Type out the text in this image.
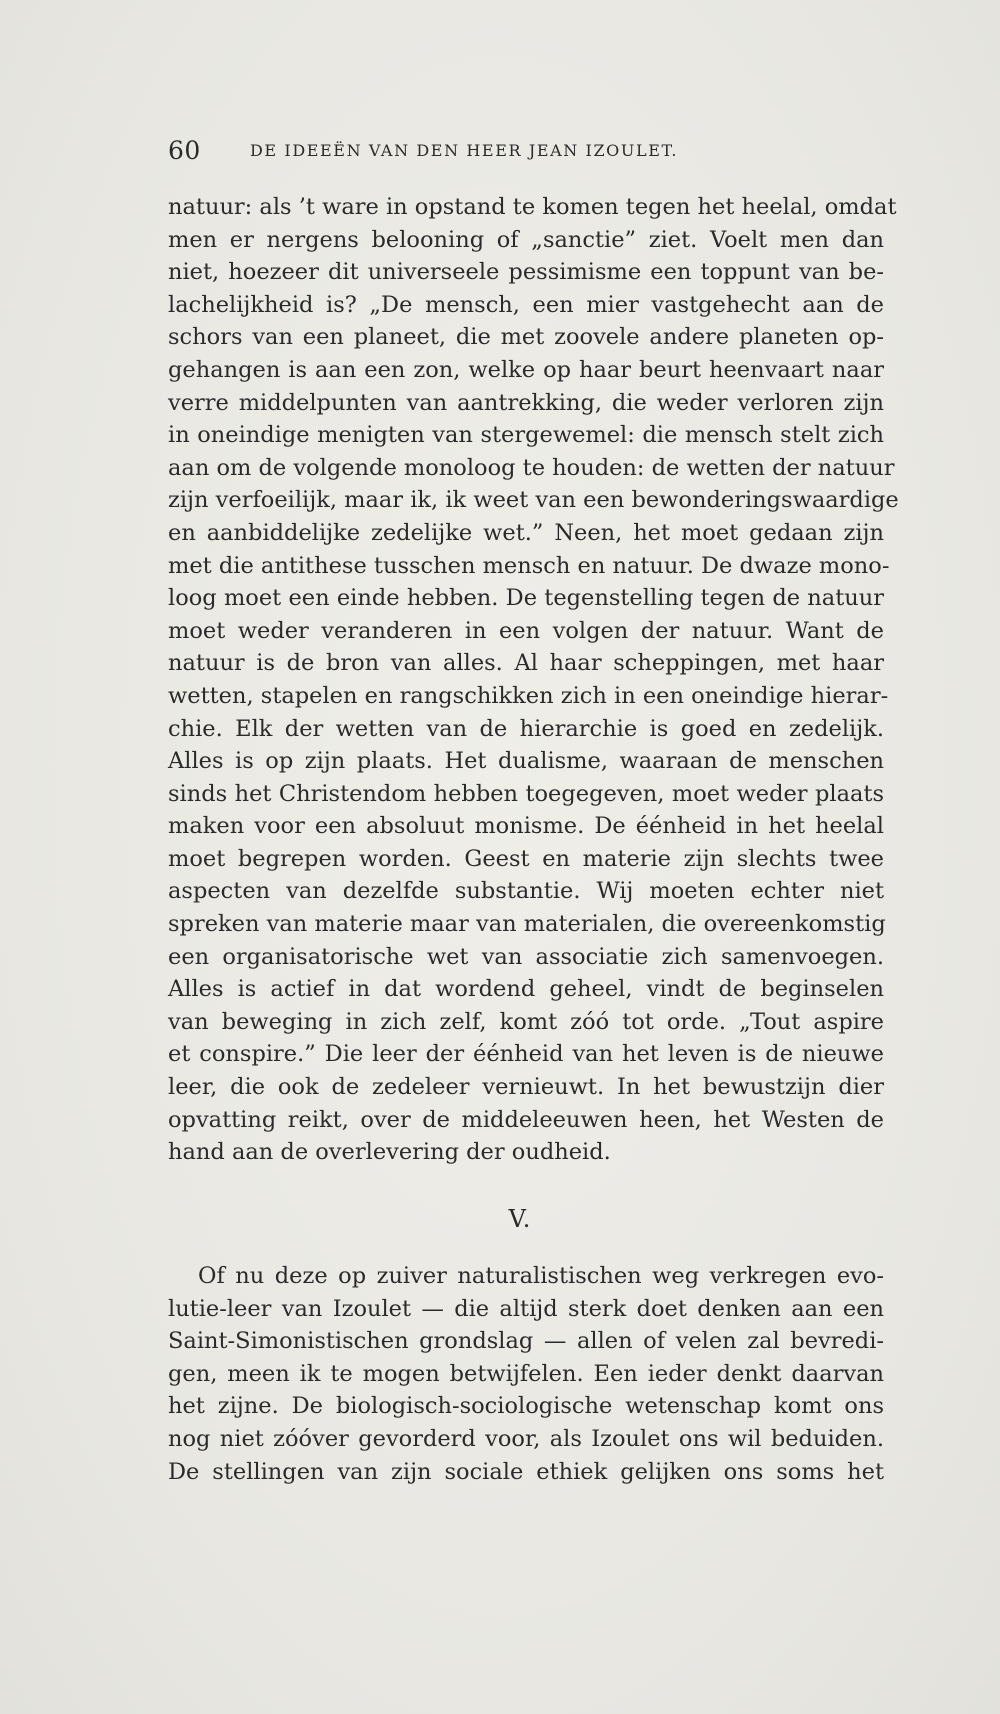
60	DE IDEEËN VAN DEN HEER JEAN IZOULET.
natuur: als ’t ware in opstand te komen tegen het heelal, omdat
men er nergens belooning of „sanctie” ziet. Voelt men dan
niet, hoezeer dit universeele pessimisme een toppunt van be-
lachelijkheid is? „De mensch, een mier vastgehecht aan de
schors van een planeet, die met zoovele andere planeten op-
gehangen is aan een zon, welke op haar beurt heenvaart naar
verre middelpunten van aantrekking, die weder verloren zijn
in oneindige menigten van stergewemel: die mensch stelt zich
aan om de volgende monoloog te houden: de wetten der natuur
zijn verfoeilijk, maar ik, ik weet van een bewonderingswaardige
en aanbiddelijke zedelijke wet.” Neen, het moet gedaan zijn
met die antithese tusschen mensch en natuur. De dwaze mono-
loog moet een einde hebben. De tegenstelling tegen de natuur
moet weder veranderen in een volgen der natuur. Want de
natuur is de bron van alles. Al haar scheppingen, met haar
wetten, stapelen en rangschikken zich in een oneindige hierar-
chie. Elk der wetten van de hierarchie is goed en zedelijk.
Alles is op zijn plaats. Het dualisme, waaraan de menschen
sinds het Christendom hebben toegegeven, moet weder plaats
maken voor een absoluut monisme. De éénheid in het heelal
moet begrepen worden. Geest en materie zijn slechts twee
aspecten van dezelfde substantie. Wij moeten echter niet
spreken van materie maar van materialen, die overeenkomstig
een organisatorische wet van associatie zich samenvoegen.
Alles is actief in dat wordend geheel, vindt de beginselen
van beweging in zich zelf, komt zóó tot orde. „Tout aspire
et conspire.” Die leer der éénheid van het leven is de nieuwe
leer, die ook de zedeleer vernieuwt. In het bewustzijn dier
opvatting reikt, over de middeleeuwen heen, het Westen de
hand aan de overlevering der oudheid.
V.
Of nu deze op zuiver naturalistischen weg verkregen evo-
lutie-leer van Izoulet — die altijd sterk doet denken aan een
Saint-Simonistischen grondslag — allen of velen zal bevredi-
gen, meen ik te mogen betwijfelen. Een ieder denkt daarvan
het zijne. De biologisch-sociologische wetenschap komt ons
nog niet zóóver gevorderd voor, als Izoulet ons wil beduiden.
De stellingen van zijn sociale ethiek gelijken ons soms het
